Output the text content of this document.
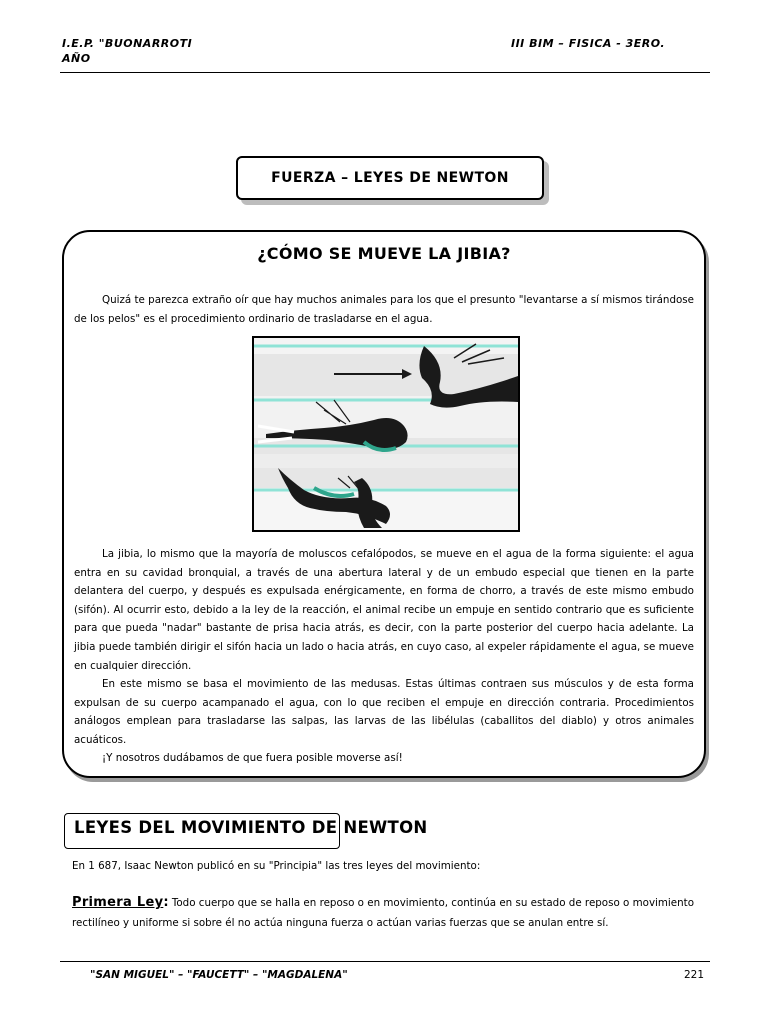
I.E.P. "BUONARROTI
AÑO
III BIM – FISICA - 3ERO.
FUERZA – LEYES DE NEWTON
¿CÓMO SE MUEVE LA JIBIA?
Quizá te parezca extraño oír que hay muchos animales para los que el presunto "levantarse a sí mismos tirándose de los pelos" es el procedimiento ordinario de trasladarse en el agua.
La jibia, lo mismo que la mayoría de moluscos cefalópodos, se mueve en el agua de la forma siguiente: el agua entra en su cavidad bronquial, a través de una abertura lateral y de un embudo especial que tienen en la parte delantera del cuerpo, y después es expulsada enérgicamente, en forma de chorro, a través de este mismo embudo (sifón). Al ocurrir esto, debido a la ley de la reacción, el animal recibe un empuje en sentido contrario que es suficiente para que pueda "nadar" bastante de prisa hacia atrás, es decir, con la parte posterior del cuerpo hacia adelante. La jibia puede también dirigir el sifón hacia un lado o hacia atrás, en cuyo caso, al expeler rápidamente el agua, se mueve en cualquier dirección.
En este mismo se basa el movimiento de las medusas. Estas últimas contraen sus músculos y de esta forma expulsan de su cuerpo acampanado el agua, con lo que reciben el empuje en dirección contraria. Procedimientos análogos emplean para trasladarse las salpas, las larvas de las libélulas (caballitos del diablo) y otros animales acuáticos.
¡Y nosotros dudábamos de que fuera posible moverse así!
LEYES DEL MOVIMIENTO DE NEWTON
En 1 687, Isaac Newton publicó en su "Principia" las tres leyes del movimiento:
Primera Ley: Todo cuerpo que se halla en reposo o en movimiento, continúa en su estado de reposo o movimiento rectilíneo y uniforme si sobre él no actúa ninguna fuerza o actúan varias fuerzas que se anulan entre sí.
"SAN MIGUEL" – "FAUCETT" – "MAGDALENA"	221
